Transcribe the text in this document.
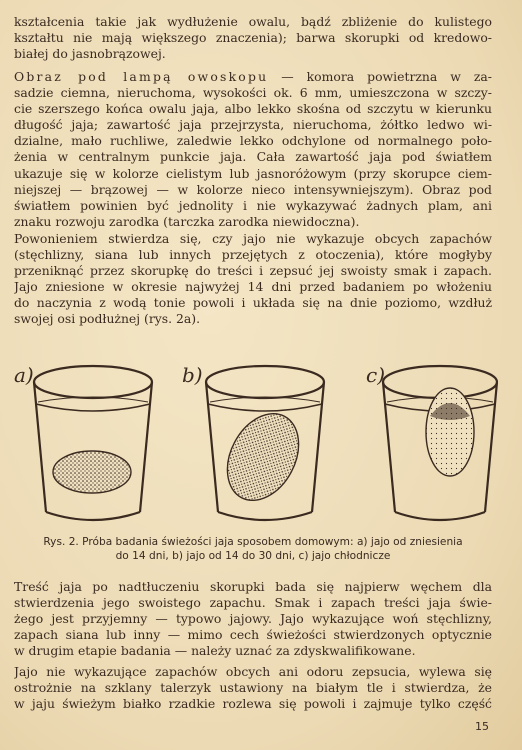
kształcenia takie jak wydłużenie owalu, bądź zbliżenie do kulistego
kształtu nie mają większego znaczenia); barwa skorupki od kredowo-
białej do jasnobrązowej.

Obraz pod lampą owoskopu — komora powietrzna w za-
sadzie ciemna, nieruchoma, wysokości ok. 6 mm, umieszczona w szczy-
cie szerszego końca owalu jaja, albo lekko skośna od szczytu w kierunku
długość jaja; zawartość jaja przejrzysta, nieruchoma, żółtko ledwo wi-
dzialne, mało ruchliwe, zaledwie lekko odchylone od normalnego poło-
żenia w centralnym punkcie jaja. Cała zawartość jaja pod światłem
ukazuje się w kolorze cielistym lub jasnoróżowym (przy skorupce ciem-
niejszej — brązowej — w kolorze nieco intensywniejszym). Obraz pod
światłem powinien być jednolity i nie wykazywać żadnych plam, ani
znaku rozwoju zarodka (tarczka zarodka niewidoczna).

Powonieniem stwierdza się, czy jajo nie wykazuje obcych zapachów
(stęchlizny, siana lub innych przejętych z otoczenia), które mogłyby
przeniknąć przez skorupkę do treści i zepsuć jej swoisty smak i zapach.
Jajo zniesione w okresie najwyżej 14 dni przed badaniem po włożeniu
do naczynia z wodą tonie powoli i układa się na dnie poziomo, wzdłuż
swojej osi podłużnej (rys. 2a).

a)	b)	c)
Rys. 2. Próba badania świeżości jaja sposobem domowym: a) jajo od zniesienia
do 14 dni, b) jajo od 14 do 30 dni, c) jajo chłodnicze

Treść jaja po nadtłuczeniu skorupki bada się najpierw węchem dla
stwierdzenia jego swoistego zapachu. Smak i zapach treści jaja świe-
żego jest przyjemny — typowo jajowy. Jajo wykazujące woń stęchlizny,
zapach siana lub inny — mimo cech świeżości stwierdzonych optycznie
w drugim etapie badania — należy uznać za zdyskwalifikowane.

Jajo nie wykazujące zapachów obcych ani odoru zepsucia, wylewa się
ostrożnie na szklany talerzyk ustawiony na białym tle i stwierdza, że
w jaju świeżym białko rzadkie rozlewa się powoli i zajmuje tylko część

15
